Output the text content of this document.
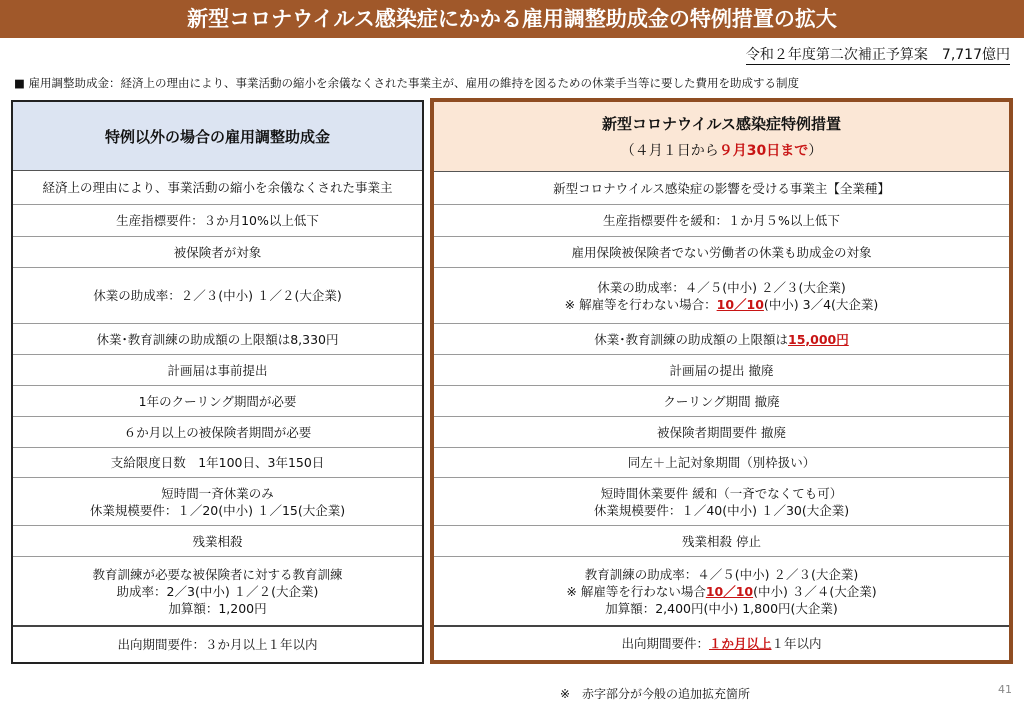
新型コロナウイルス感染症にかかる雇用調整助成金の特例措置の拡大
令和２年度第二次補正予算案　7,717億円
■ 雇用調整助成金：経済上の理由により、事業活動の縮小を余儀なくされた事業主が、雇用の維持を図るための休業手当等に要した費用を助成する制度
特例以外の場合の雇用調整助成金
経済上の理由により、事業活動の縮小を余儀なくされた事業主
生産指標要件：３か月10%以上低下
被保険者が対象
休業の助成率：２／３(中小) １／２(大企業)
休業･教育訓練の助成額の上限額は8,330円
計画届は事前提出
1年のクーリング期間が必要
６か月以上の被保険者期間が必要
支給限度日数　1年100日、3年150日
短時間一斉休業のみ
休業規模要件：１／20(中小) １／15(大企業)
残業相殺
教育訓練が必要な被保険者に対する教育訓練
助成率：2／3(中小) １／２(大企業)
加算額：1,200円
出向期間要件：３か月以上１年以内
新型コロナウイルス感染症特例措置
（４月１日から９月30日まで）
新型コロナウイルス感染症の影響を受ける事業主【全業種】
生産指標要件を緩和：１か月５%以上低下
雇用保険被保険者でない労働者の休業も助成金の対象
休業の助成率：４／５(中小) ２／３(大企業)
※ 解雇等を行わない場合：10／10(中小) 3／4(大企業)
休業･教育訓練の助成額の上限額は15,000円
計画届の提出 撤廃
クーリング期間 撤廃
被保険者期間要件 撤廃
同左＋上記対象期間（別枠扱い）
短時間休業要件 緩和（一斉でなくても可）
休業規模要件：１／40(中小) １／30(大企業)
残業相殺 停止
教育訓練の助成率：４／５(中小) ２／３(大企業)
※ 解雇等を行わない場合10／10(中小) ３／４(大企業)
加算額：2,400円(中小) 1,800円(大企業)
出向期間要件：１か月以上１年以内
※　赤字部分が今般の追加拡充箇所	41
